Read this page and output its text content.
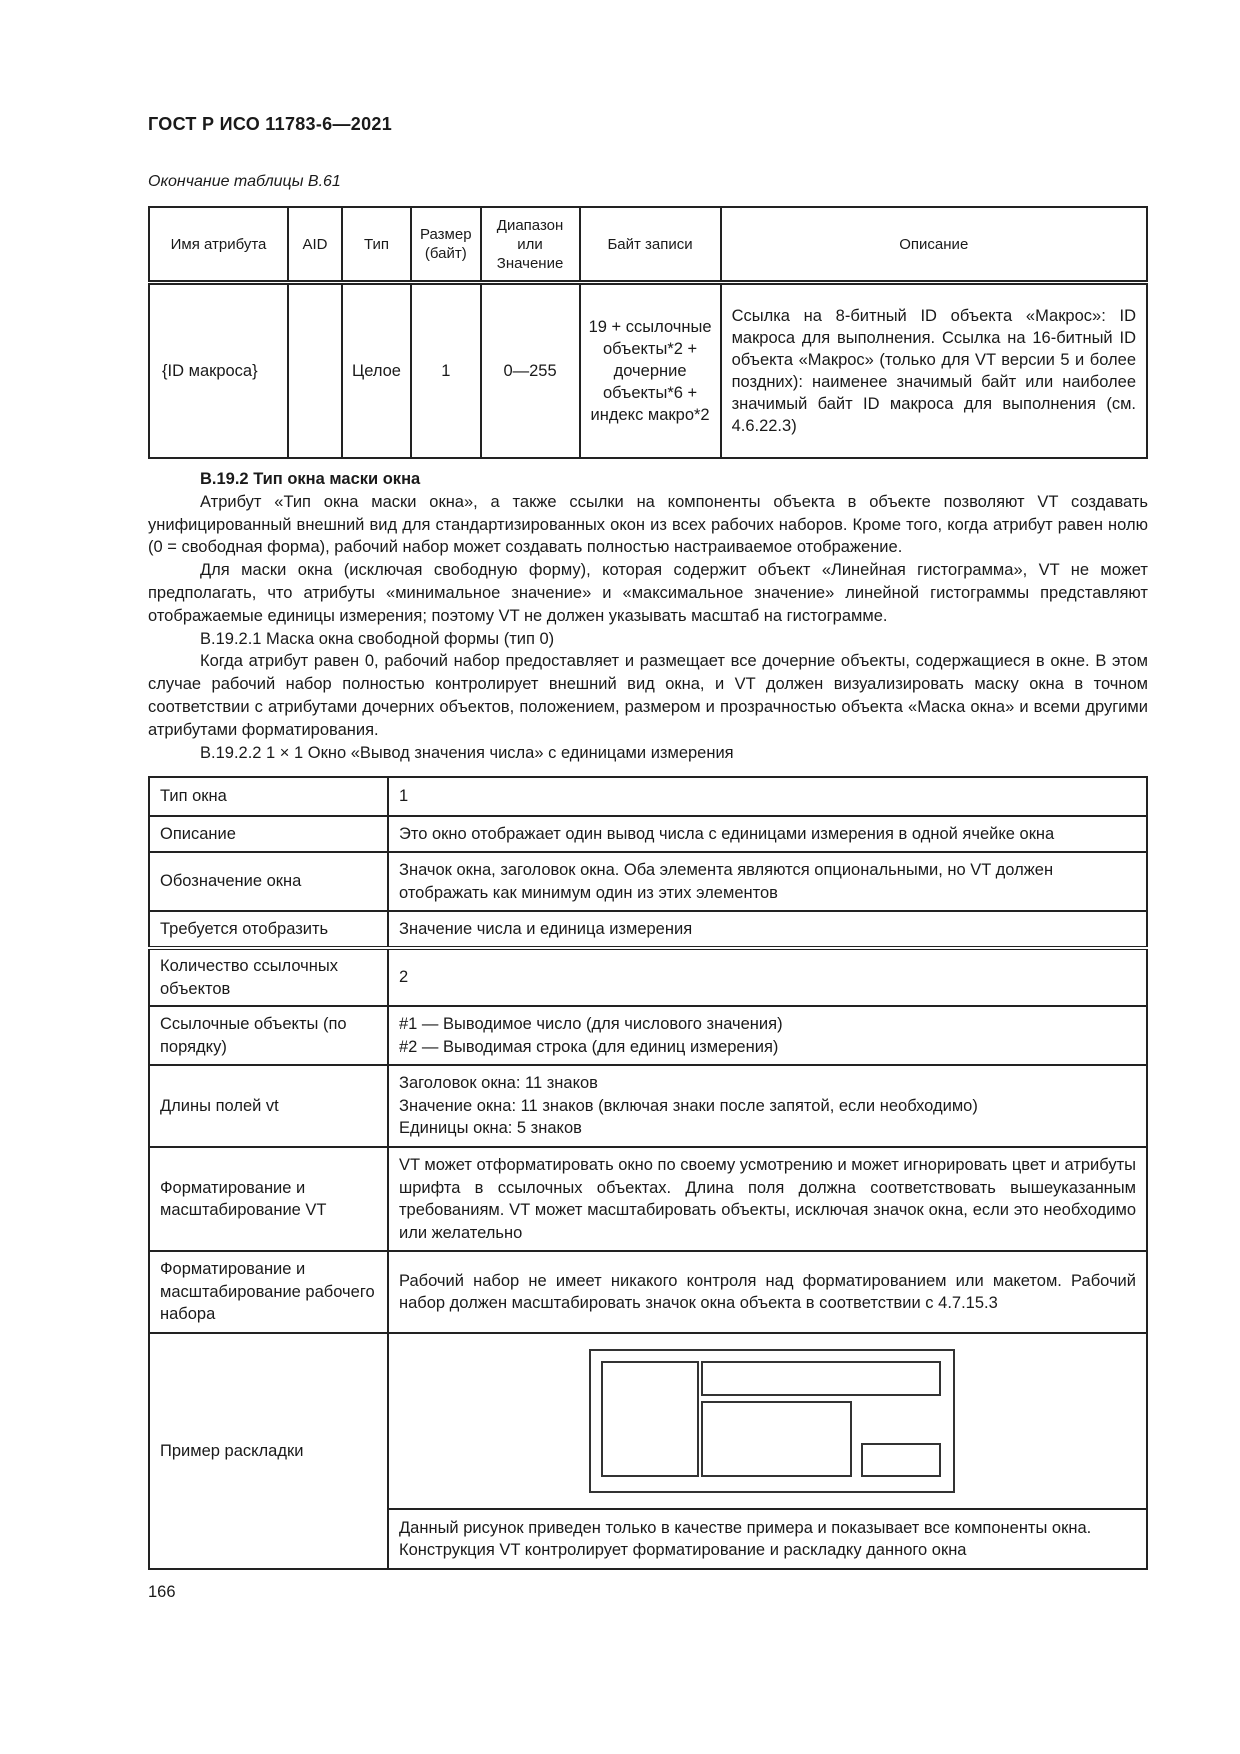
ГОСТ Р ИСО 11783-6—2021
Окончание таблицы В.61
Имя атрибута	AID	Тип	Размер (байт)	Диапазон или Значение	Байт записи	Описание
{ID макроса}		Целое	1	0—255	19 + ссылочные объекты*2 + дочерние объекты*6 + индекс макро*2	Ссылка на 8-битный ID объекта «Макрос»: ID макроса для выполнения. Ссылка на 16-битный ID объекта «Макрос» (только для VT версии 5 и более поздних): наименее значимый байт или наиболее значимый байт ID макроса для выполнения (см. 4.6.22.3)

В.19.2 Тип окна маски окна

Атрибут «Тип окна маски окна», а также ссылки на компоненты объекта в объекте позволяют VT создавать унифицированный внешний вид для стандартизированных окон из всех рабочих наборов. Кроме того, когда атрибут равен нолю (0 = свободная форма), рабочий набор может создавать полностью настраиваемое отображение.

Для маски окна (исключая свободную форму), которая содержит объект «Линейная гистограмма», VT не может предполагать, что атрибуты «минимальное значение» и «максимальное значение» линейной гистограммы представляют отображаемые единицы измерения; поэтому VT не должен указывать масштаб на гистограмме.

В.19.2.1 Маска окна свободной формы (тип 0)

Когда атрибут равен 0, рабочий набор предоставляет и размещает все дочерние объекты, содержащиеся в окне. В этом случае рабочий набор полностью контролирует внешний вид окна, и VT должен визуализировать маску окна в точном соответствии с атрибутами дочерних объектов, положением, размером и прозрачностью объекта «Маска окна» и всеми другими атрибутами форматирования.

В.19.2.2 1 × 1 Окно «Вывод значения числа» с единицами измерения

Тип окна	1
Описание	Это окно отображает один вывод числа с единицами измерения в одной ячейке окна
Обозначение окна	Значок окна, заголовок окна. Оба элемента являются опциональными, но VT должен отображать как минимум один из этих элементов
Требуется отобразить	Значение числа и единица измерения
Количество ссылочных объектов	2
Ссылочные объекты (по порядку)	#1 — Выводимое число (для числового значения)
#2 — Выводимая строка (для единиц измерения)

Длины полей vt	Заголовок окна: 11 знаков
Значение окна: 11 знаков (включая знаки после запятой, если необходимо)
Единицы окна: 5 знаков

Форматирование и масштабирование VT	VT может отформатировать окно по своему усмотрению и может игнорировать цвет и атрибуты шрифта в ссылочных объектах. Длина поля должна соответствовать вышеуказанным требованиям. VT может масштабировать объекты, исключая значок окна, если это необходимо или желательно
Форматирование и масштабирование рабочего набора	Рабочий набор не имеет никакого контроля над форматированием или макетом. Рабочий набор должен масштабировать значок окна объекта в соответствии с 4.7.15.3
Пример раскладки	

	Данный рисунок приведен только в качестве примера и показывает все компоненты окна. Конструкция VT контролирует форматирование и раскладку данного окна
166
